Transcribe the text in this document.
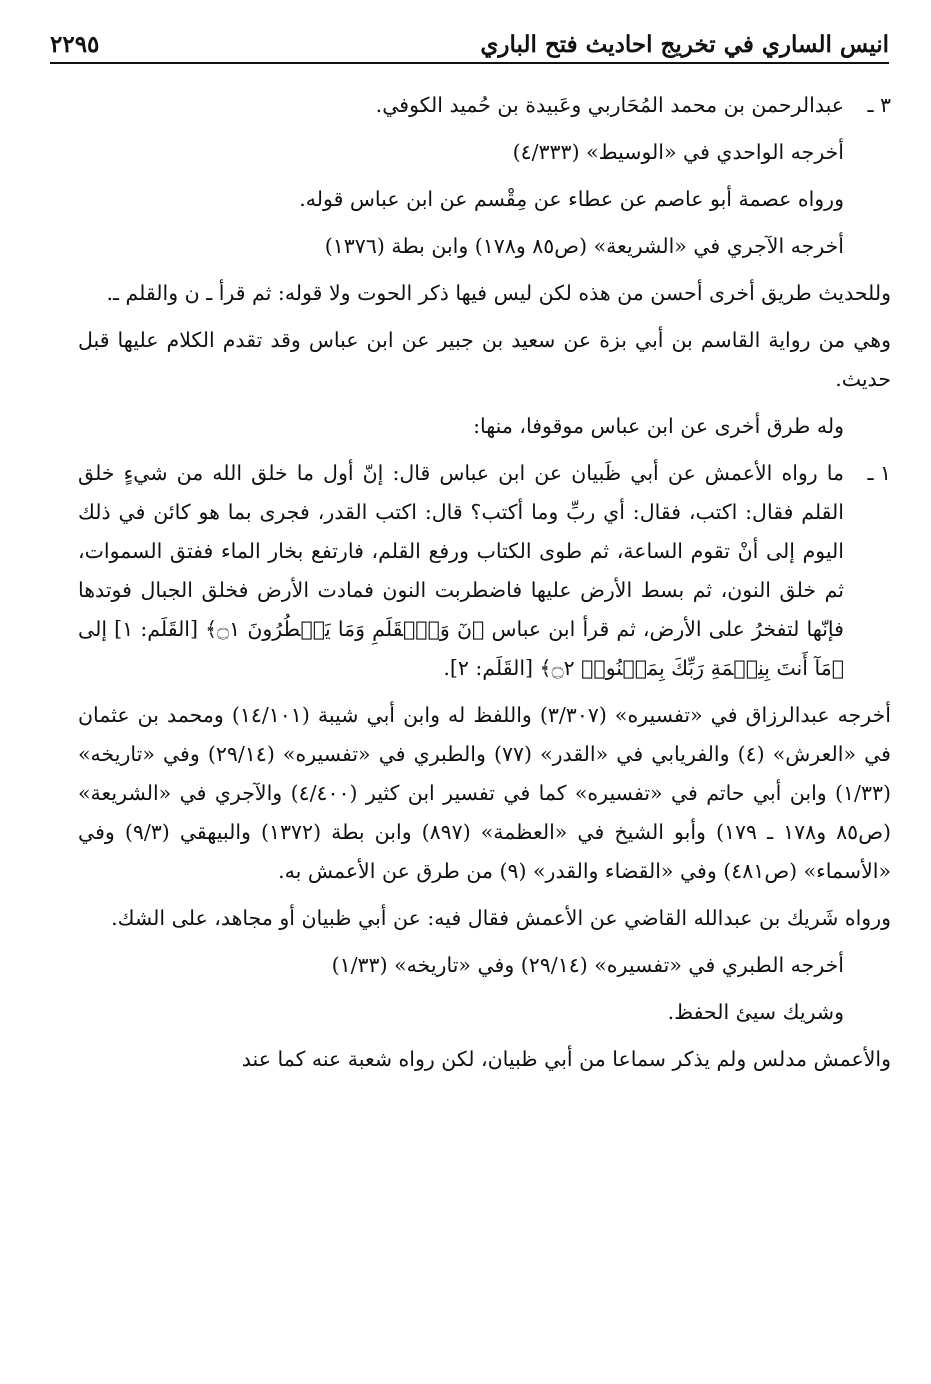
انيس الساري في تخريج احاديث فتح الباري
٢٢٩٥
٣ ـ
عبدالرحمن بن محمد المُحَاربي وعَبيدة بن حُميد الكوفي.

أخرجه الواحدي في «الوسيط» (٤/٣٣٣)

ورواه عصمة أبو عاصم عن عطاء عن مِقْسم عن ابن عباس قوله.

أخرجه الآجري في «الشريعة» (ص٨٥ و١٧٨) وابن بطة (١٣٧٦)

وللحديث طريق أخرى أحسن من هذه لكن ليس فيها ذكر الحوت ولا قوله: ثم قرأ ـ ن والقلم ـ.

وهي من رواية القاسم بن أبي بزة عن سعيد بن جبير عن ابن عباس وقد تقدم الكلام عليها قبل حديث.

وله طرق أخرى عن ابن عباس موقوفا، منها:

١ ـ
ما رواه الأعمش عن أبي ظَبيان عن ابن عباس قال: إنّ أول ما خلق الله من شيءٍ خلق القلم فقال: اكتب، فقال: أي ربِّ وما أكتب؟ قال: اكتب القدر، فجرى بما هو كائن في ذلك اليوم إلى أنْ تقوم الساعة، ثم طوى الكتاب ورفع القلم، فارتفع بخار الماء ففتق السموات، ثم خلق النون، ثم بسط الأرض عليها فاضطربت النون فمادت الأرض فخلق الجبال فوتدها فإنّها لتفخرُ على الأرض، ثم قرأ ابن عباس ﴿نٓ وَٱلۡقَلَمِ وَمَا يَسۡطُرُونَ ۝١﴾ [القَلَم: ١] إلى ﴿مَآ أَنتَ بِنِعۡمَةِ رَبِّكَ بِمَجۡنُونٖ ۝٢﴾ [القَلَم: ٢].

أخرجه عبدالرزاق في «تفسيره» (٣/٣٠٧) واللفظ له وابن أبي شيبة (١٤/١٠١) ومحمد بن عثمان في «العرش» (٤) والفريابي في «القدر» (٧٧) والطبري في «تفسيره» (٢٩/١٤) وفي «تاريخه» (١/٣٣) وابن أبي حاتم في «تفسيره» كما في تفسير ابن كثير (٤/٤٠٠) والآجري في «الشريعة» (ص٨٥ و١٧٨ ـ ١٧٩) وأبو الشيخ في «العظمة» (٨٩٧) وابن بطة (١٣٧٢) والبيهقي (٩/٣) وفي «الأسماء» (ص٤٨١) وفي «القضاء والقدر» (٩) من طرق عن الأعمش به.

ورواه شَريك بن عبدالله القاضي عن الأعمش فقال فيه: عن أبي ظبيان أو مجاهد، على الشك.

أخرجه الطبري في «تفسيره» (٢٩/١٤) وفي «تاريخه» (١/٣٣)

وشريك سيئ الحفظ.

والأعمش مدلس ولم يذكر سماعا من أبي ظبيان، لكن رواه شعبة عنه كما عند
